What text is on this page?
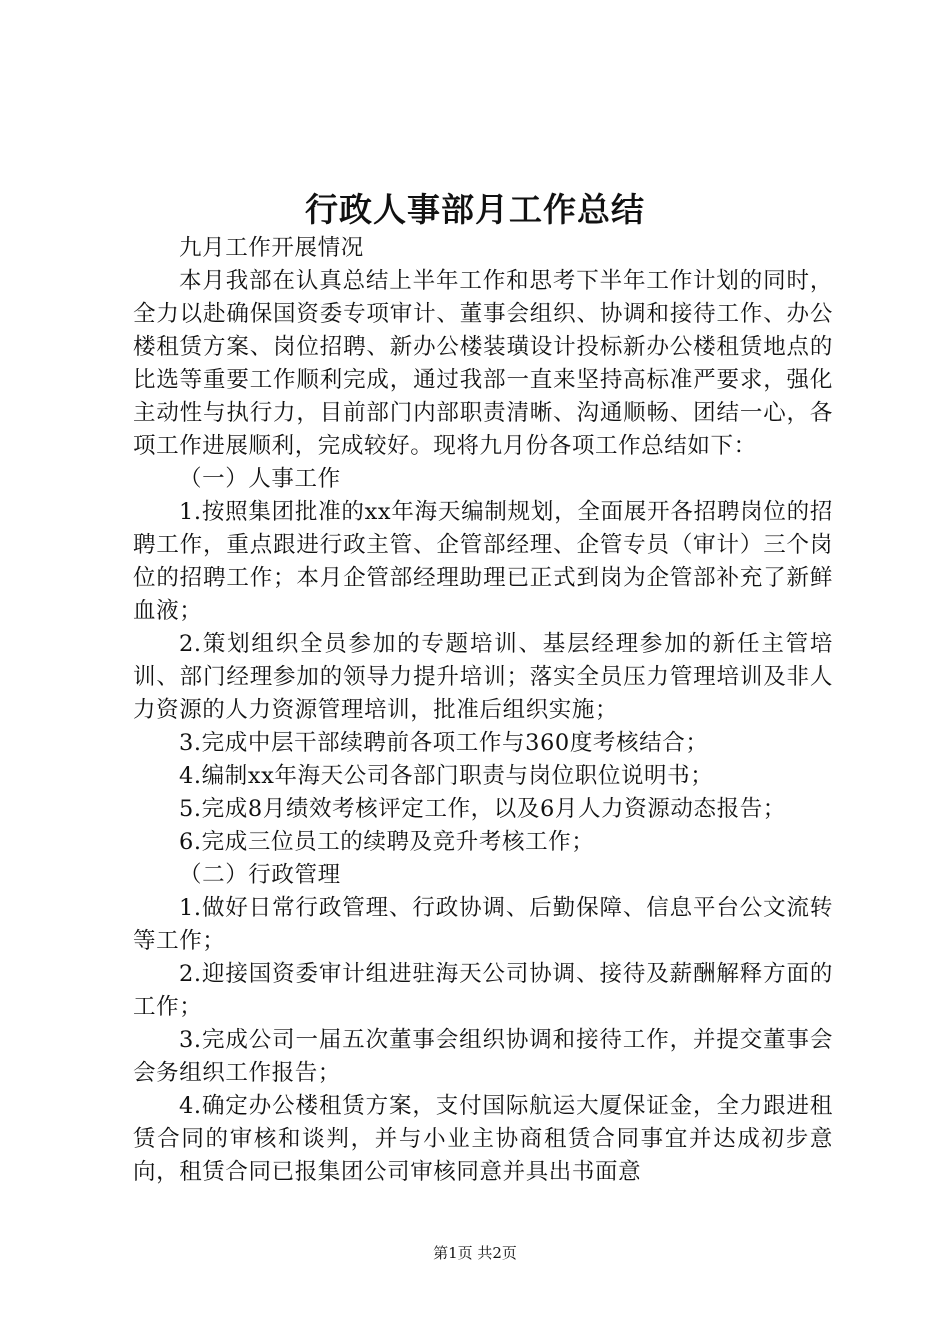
行政人事部月工作总结

九月工作开展情况

本月我部在认真总结上半年工作和思考下半年工作计划的同时，全力以赴确保国资委专项审计、董事会组织、协调和接待工作、办公楼租赁方案、岗位招聘、新办公楼装璜设计投标新办公楼租赁地点的比选等重要工作顺利完成，通过我部一直来坚持高标准严要求，强化主动性与执行力，目前部门内部职责清晰、沟通顺畅、团结一心，各项工作进展顺利，完成较好。现将九月份各项工作总结如下：

（一）人事工作

1.按照集团批准的xx年海天编制规划，全面展开各招聘岗位的招聘工作，重点跟进行政主管、企管部经理、企管专员（审计）三个岗位的招聘工作；本月企管部经理助理已正式到岗为企管部补充了新鲜血液；

2.策划组织全员参加的专题培训、基层经理参加的新任主管培训、部门经理参加的领导力提升培训；落实全员压力管理培训及非人力资源的人力资源管理培训，批准后组织实施；

3.完成中层干部续聘前各项工作与360度考核结合；

4.编制xx年海天公司各部门职责与岗位职位说明书；

5.完成8月绩效考核评定工作，以及6月人力资源动态报告；

6.完成三位员工的续聘及竞升考核工作；

（二）行政管理

1.做好日常行政管理、行政协调、后勤保障、信息平台公文流转等工作；

2.迎接国资委审计组进驻海天公司协调、接待及薪酬解释方面的工作；

3.完成公司一届五次董事会组织协调和接待工作，并提交董事会会务组织工作报告；

4.确定办公楼租赁方案，支付国际航运大厦保证金，全力跟进租赁合同的审核和谈判，并与小业主协商租赁合同事宜并达成初步意向，租赁合同已报集团公司审核同意并具出书面意

第1页 共2页
